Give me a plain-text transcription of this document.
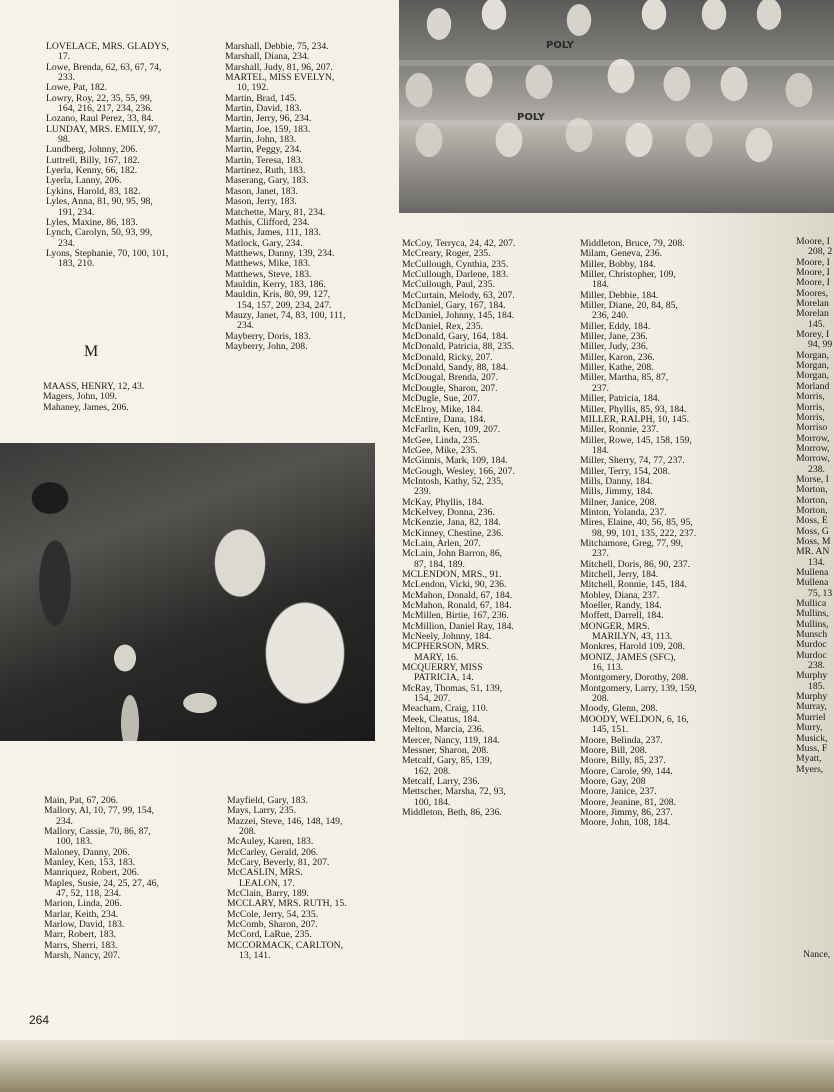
POLY
POLY
LOVELACE, MRS. GLADYS,
17.
Lowe, Brenda, 62, 63, 67, 74,
233.
Lowe, Pat, 182.
Lowry, Roy, 22, 35, 55, 99,
164, 216, 217, 234, 236.
Lozano, Raul Perez, 33, 84.
LUNDAY, MRS. EMILY, 97,
98.
Lundberg, Johnny, 206.
Luttrell, Billy, 167, 182.
Lyerla, Kenny, 66, 182.
Lyerla, Lanny, 206.
Lykins, Harold, 83, 182.
Lyles, Anna, 81, 90, 95, 98,
191, 234.
Lyles, Maxine, 86, 183.
Lynch, Carolyn, 50, 93, 99,
234.
Lyons, Stephanie, 70, 100, 101,
183, 210.
M
MAASS, HENRY, 12, 43.
Magers, John, 109.
Mahaney, James, 206.
Marshall, Debbie, 75, 234.
Marshall, Diana, 234.
Marshall, Judy, 81, 96, 207.
MARTEL, MISS EVELYN,
10, 192.
Martin, Brad, 145.
Martin, David, 183.
Martin, Jerry, 96, 234.
Martin, Joe, 159, 183.
Martin, John, 183.
Martin, Peggy, 234.
Martin, Teresa, 183.
Martinez, Ruth, 183.
Maserang, Gary, 183.
Mason, Janet, 183.
Mason, Jerry, 183.
Matchette, Mary, 81, 234.
Mathis, Clifford, 234.
Mathis, James, 111, 183.
Matlock, Gary, 234.
Matthews, Danny, 139, 234.
Matthews, Mike, 183.
Matthews, Steve, 183.
Mauldin, Kerry, 183, 186.
Mauldin, Kris, 80, 99, 127,
154, 157, 209, 234, 247.
Mauzy, Janet, 74, 83, 100, 111,
234.
Mayberry, Doris, 183.
Mayberry, John, 208.
McCoy, Terryca, 24, 42, 207.
McCreary, Roger, 235.
McCullough, Cynthia, 235.
McCullough, Darlene, 183.
McCullough, Paul, 235.
McCurtain, Melody, 63, 207.
McDaniel, Gary, 167, 184.
McDaniel, Johnny, 145, 184.
McDaniel, Rex, 235.
McDonald, Gary, 164, 184.
McDonald, Patricia, 88, 235.
McDonald, Ricky, 207.
McDonald, Sandy, 88, 184.
McDougal, Brenda, 207.
McDougle, Sharon, 207.
McDugle, Sue, 207.
McElroy, Mike, 184.
McEntire, Dana, 184.
McFarlin, Ken, 109, 207.
McGee, Linda, 235.
McGee, Mike, 235.
McGinnis, Mark, 109, 184.
McGough, Wesley, 166, 207.
McIntosh, Kathy, 52, 235,
239.
McKay, Phyllis, 184.
McKelvey, Donna, 236.
McKenzie, Jana, 82, 184.
McKinney, Chestine, 236.
McLain, Arlen, 207.
McLain, John Barron, 86,
87, 184, 189.
MCLENDON, MRS., 91.
McLendon, Vicki, 90, 236.
McMahon, Donald, 67, 184.
McMahon, Ronald, 67, 184.
McMillen, Birtie, 167, 236.
McMillion, Daniel Ray, 184.
McNeely, Johnny, 184.
MCPHERSON, MRS.
MARY, 16.
MCQUERRY, MISS
PATRICIA, 14.
McRay, Thomas, 51, 139,
154, 207.
Meacham, Craig, 110.
Meek, Cleatus, 184.
Melton, Marcia, 236.
Mercer, Nancy, 119, 184.
Messner, Sharon, 208.
Metcalf, Gary, 85, 139,
162, 208.
Metcalf, Larry, 236.
Mettscher, Marsha, 72, 93,
100, 184.
Middleton, Beth, 86, 236.
Middleton, Bruce, 79, 208.
Milam, Geneva, 236.
Miller, Bobby, 184.
Miller, Christopher, 109,
184.
Miller, Debbie, 184.
Miller, Diane, 20, 84, 85,
236, 240.
Miller, Eddy, 184.
Miller, Jane, 236.
Miller, Judy, 236.
Miller, Karon, 236.
Miller, Kathe, 208.
Miller, Martha, 85, 87,
237.
Miller, Patricia, 184.
Miller, Phyllis, 85, 93, 184.
MILLER, RALPH, 10, 145.
Miller, Ronnie, 237.
Miller, Rowe, 145, 158, 159,
184.
Miller, Sherry, 74, 77, 237.
Miller, Terry, 154, 208.
Mills, Danny, 184.
Mills, Jimmy, 184.
Milner, Janice, 208.
Minton, Yolanda, 237.
Mires, Elaine, 40, 56, 85, 95,
98, 99, 101, 135, 222, 237.
Mitchamore, Greg, 77, 99,
237.
Mitchell, Doris, 86, 90, 237.
Mitchell, Jerry, 184.
Mitchell, Ronnie, 145, 184.
Mobley, Diana, 237.
Moeller, Randy, 184.
Moffett, Darrell, 184.
MONGER, MRS.
MARILYN, 43, 113.
Monkres, Harold 109, 208.
MONIZ, JAMES (SFC),
16, 113.
Montgomery, Dorothy, 208.
Montgomery, Larry, 139, 159,
208.
Moody, Glenn, 208.
MOODY, WELDON, 6, 16,
145, 151.
Moore, Belinda, 237.
Moore, Bill, 208.
Moore, Billy, 85, 237.
Moore, Carole, 99, 144.
Moore, Gay, 208
Moore, Janice, 237.
Moore, Jeanine, 81, 208.
Moore, Jimmy, 86, 237.
Moore, John, 108, 184.
Moore, I
208, 2
Moore, I
Moore, I
Moore, I
Moores,
Morelan
Morelan
145.
Morey, I
94, 99
Morgan,
Morgan,
Morgan,
Morland
Morris,
Morris,
Morris,
Morriso
Morrow,
Morrow,
Morrow,
238.
Morse, I
Morton,
Morton,
Morton,
Moss, E
Moss, G
Moss, M
MR. AN
134.
Mullena
Mullena
75, 13
Mullica
Mullins,
Mullins,
Munsch
Murdoc
Murdoc
238.
Murphy
185.
Murphy
Murray,
Murriel
Murry,
Musick,
Muss, F
Myatt,
Myers,
Main, Pat, 67, 206.
Mallory, Al, 10, 77, 99, 154,
234.
Mallory, Cassie, 70, 86, 87,
100, 183.
Maloney, Danny, 206.
Manley, Ken, 153, 183.
Manriquez, Robert, 206.
Maples, Susie, 24, 25, 27, 46,
47, 52, 118, 234.
Marion, Linda, 206.
Marlar, Keith, 234.
Marlow, David, 183.
Marr, Robert, 183.
Marrs, Sherri, 183.
Marsh, Nancy, 207.
Mayfield, Gary, 183.
Mays, Larry, 235.
Mazzei, Steve, 146, 148, 149,
208.
McAuley, Karen, 183.
McCarley, Gerald, 206.
McCary, Beverly, 81, 207.
McCASLIN, MRS.
LEALON, 17.
McClain, Barry, 189.
MCCLARY, MRS. RUTH, 15.
McCole, Jerry, 54, 235.
McComb, Sharon, 207.
McCord, LaRue, 235.
MCCORMACK, CARLTON,
13, 141.	Nance,
264
